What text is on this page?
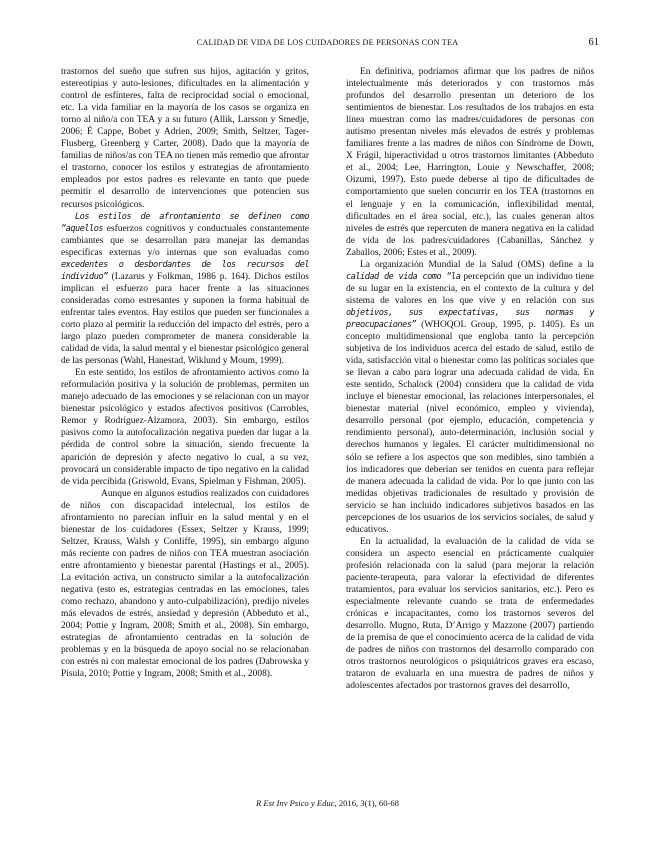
CALIDAD DE VIDA DE LOS CUIDADORES DE PERSONAS CON TEA	61

trastornos del sueño que sufren sus hijos, agitación y gritos, estereotipias y auto-lesiones, dificultades en la alimentación y control de esfínteres, falta de reciprocidad social o emocional, etc. La vida familiar en la mayoría de los casos se organiza en torno al niño/a con TEA y a su futuro (Allik, Larsson y Smedje, 2006; É Cappe, Bobet y Adrien, 2009; Smith, Seltzer, Tager-Flusberg, Greenberg y Carter, 2008). Dado que la mayoría de familias de niños/as con TEA no tienen más remedio que afrontar el trastorno, conocer los estilos y estrategias de afrontamiento empleados por estos padres es relevante en tanto que puede permitir el desarrollo de intervenciones que potencien sus recursos psicológicos.

Los estilos de afrontamiento se definen como “aquellos esfuerzos cognitivos y conductuales constantemente cambiantes que se desarrollan para manejar las demandas específicas externas y/o internas que son evaluadas como excedentes o desbordantes de los recursos del individuo” (Lazarus y Folkman, 1986 p. 164). Dichos estilos implican el esfuerzo para hacer frente a las situaciones consideradas como estresantes y suponen la forma habitual de enfrentar tales eventos. Hay estilos que pueden ser funcionales a corto plazo al permitir la reducción del impacto del estrés, pero a largo plazo pueden comprometer de manera considerable la calidad de vida, la salud mental y el bienestar psicológico general de las personas (Wahl, Hanestad, Wiklund y Moum, 1999).

En este sentido, los estilos de afrontamiento activos como la reformulación positiva y la solución de problemas, permiten un manejo adecuado de las emociones y se relacionan con un mayor bienestar psicológico y estados afectivos positivos (Carrobles, Remor y Rodríguez-Alzamora, 2003). Sin embargo, estilos pasivos como la autofocalización negativa pueden dar lugar a la pérdida de control sobre la situación, siendo frecuente la aparición de depresión y afecto negativo lo cual, a su vez, provocará un considerable impacto de tipo negativo en la calidad de vida percibida (Griswold, Evans, Spielman y Fishman, 2005).

Aunque en algunos estudios realizados con cuidadores de niños con discapacidad intelectual, los estilos de afrontamiento no parecían influir en la salud mental y en el bienestar de los cuidadores (Essex, Seltzer y Krauss, 1999; Seltzer, Krauss, Walsh y Conliffe, 1995), sin embargo alguno más reciente con padres de niños con TEA muestran asociación entre afrontamiento y bienestar parental (Hastings et al., 2005). La evitación activa, un constructo similar a la autofocalización negativa (esto es, estrategias centradas en las emociones, tales como rechazo, abandono y auto-culpabilización), predijo niveles más elevados de estrés, ansiedad y depresión (Abbeduto et al., 2004; Pottie y Ingram, 2008; Smith et al., 2008). Sin embargo, estrategias de afrontamiento centradas en la solución de problemas y en la búsqueda de apoyo social no se relacionaban con estrés ni con malestar emocional de los padres (Dabrowska y Pisula, 2010; Pottie y Ingram, 2008; Smith et al., 2008).

En definitiva, podríamos afirmar que los padres de niños intelectualmente más deteriorados y con trastornos más profundos del desarrollo presentan un deterioro de los sentimientos de bienestar. Los resultados de los trabajos en esta línea muestran como las madres/cuidadores de personas con autismo presentan niveles más elevados de estrés y problemas familiares frente a las madres de niños con Síndrome de Down, X Frágil, hiperactividad u otros trastornos limitantes (Abbeduto et al., 2004; Lee, Harrington, Louie y Newschaffer, 2008; Oizumi, 1997). Esto puede deberse al tipo de dificultades de comportamiento que suelen concurrir en los TEA (trastornos en el lenguaje y en la comunicación, inflexibilidad mental, dificultades en el área social, etc.), las cuales generan altos niveles de estrés que repercuten de manera negativa en la calidad de vida de los padres/cuidadores (Cabanillas, Sánchez y Zaballos, 2006; Estes et al., 2009).

La organización Mundial de la Salud (OMS) define a la calidad de vida como “la percepción que un individuo tiene de su lugar en la existencia, en el contexto de la cultura y del sistema de valores en los que vive y en relación con sus objetivos, sus expectativas, sus normas y preocupaciones” (WHOQOL Group, 1995, p. 1405). Es un concepto multidimensional que engloba tanto la percepción subjetiva de los individuos acerca del estado de salud, estilo de vida, satisfacción vital o bienestar como las políticas sociales que se llevan a cabo para lograr una adecuada calidad de vida. En este sentido, Schalock (2004) considera que la calidad de vida incluye el bienestar emocional, las relaciones interpersonales, el bienestar material (nivel económico, empleo y vivienda), desarrollo personal (por ejemplo, educación, competencia y rendimiento personal), auto-determinación, inclusión social y derechos humanos y legales. El carácter multidimensional no sólo se refiere a los aspectos que son medibles, sino también a los indicadores que deberían ser tenidos en cuenta para reflejar de manera adecuada la calidad de vida. Por lo que junto con las medidas objetivas tradicionales de resultado y provisión de servicio se han incluido indicadores subjetivos basados en las percepciones de los usuarios de los servicios sociales, de salud y educativos.

En la actualidad, la evaluación de la calidad de vida se considera un aspecto esencial en prácticamente cualquier profesión relacionada con la salud (para mejorar la relación paciente-terapeuta, para valorar la efectividad de diferentes tratamientos, para evaluar los servicios sanitarios, etc.). Pero es especialmente relevante cuando se trata de enfermedades crónicas e incapacitantes, como los trastornos severos del desarrollo. Mugno, Ruta, D’Arrigo y Mazzone (2007) partiendo de la premisa de que el conocimiento acerca de la calidad de vida de padres de niños con trastornos del desarrollo comparado con otros trastornos neurológicos o psiquiátricos graves era escaso, trataron de evaluarla en una muestra de padres de niños y adolescentes afectados por trastornos graves del desarrollo,

R Est Inv Psico y Educ, 2016, 3(1), 60-68
